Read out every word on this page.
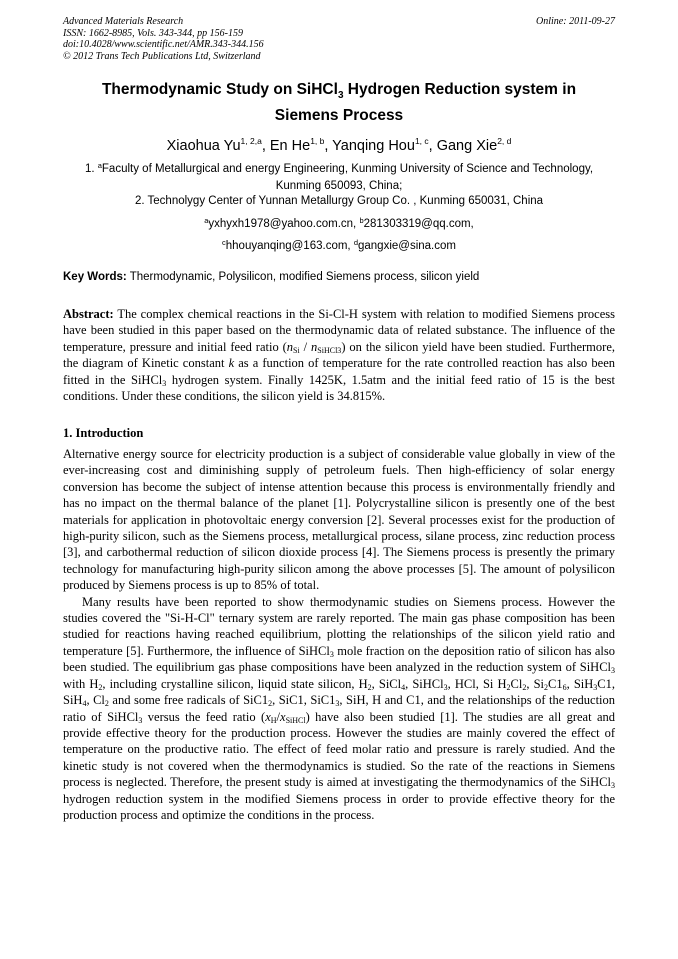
Advanced Materials Research
ISSN: 1662-8985, Vols. 343-344, pp 156-159
doi:10.4028/www.scientific.net/AMR.343-344.156
© 2012 Trans Tech Publications Ltd, Switzerland
Online: 2011-09-27
Thermodynamic Study on SiHCl$_3$ Hydrogen Reduction system in
Siemens Process
Xiaohua Yu$^{1, 2,a}$, En He$^{1, b}$, Yanqing Hou$^{1, c}$, Gang Xie$^{2, d}$
1. $^a$Faculty of Metallurgical and energy Engineering, Kunming University of Science and Technology,
Kunming 650093, China;
2. Technolygy Center of Yunnan Metallurgy Group Co. , Kunming 650031, China
$^a$yxhyxh1978@yahoo.com.cn, $^b$281303319@qq.com,
$^c$hhouyanqing@163.com, $^d$gangxie@sina.com
Key Words: Thermodynamic, Polysilicon, modified Siemens process, silicon yield

Abstract: The complex chemical reactions in the Si-Cl-H system with relation to modified Siemens process have been studied in this paper based on the thermodynamic data of related substance. The influence of the temperature, pressure and initial feed ratio $(n_{Si} / n_{SiHCl3})$ on the silicon yield have been studied. Furthermore, the diagram of Kinetic constant k as a function of temperature for the rate controlled reaction has also been fitted in the SiHCl$_3$ hydrogen system. Finally 1425K, 1.5atm and the initial feed ratio of 15 is the best conditions. Under these conditions, the silicon yield is 34.815%.

1. Introduction

Alternative energy source for electricity production is a subject of considerable value globally in view of the ever-increasing cost and diminishing supply of petroleum fuels. Then high-efficiency of solar energy conversion has become the subject of intense attention because this process is environmentally friendly and has no impact on the thermal balance of the planet [1]. Polycrystalline silicon is presently one of the best materials for application in photovoltaic energy conversion [2]. Several processes exist for the production of high-purity silicon, such as the Siemens process, metallurgical process, silane process, zinc reduction process [3], and carbothermal reduction of silicon dioxide process [4]. The Siemens process is presently the primary technology for manufacturing high-purity silicon among the above processes [5]. The amount of polysilicon produced by Siemens process is up to 85% of total.

Many results have been reported to show thermodynamic studies on Siemens process. However the studies covered the "Si-H-Cl" ternary system are rarely reported. The main gas phase composition has been studied for reactions having reached equilibrium, plotting the relationships of the silicon yield ratio and temperature [5]. Furthermore, the influence of SiHCl$_3$ mole fraction on the deposition ratio of silicon has also been studied. The equilibrium gas phase compositions have been analyzed in the reduction system of SiHCl$_3$ with $H_2$, including crystalline silicon, liquid state silicon, $H_2$, SiCl$_4$, SiHCl$_3$, HCl, Si $H_2Cl_2$, $Si_2C1_6$, SiH$_3$C1, SiH$_4$, $Cl_2$ and some free radicals of $SiC1_2$, SiC1, $SiC1_3$, SiH, H and C1, and the relationships of the reduction ratio of SiHCl$_3$ versus the feed ratio $(x_H/x_{SiHCl})$ have also been studied [1]. The studies are all great and provide effective theory for the production process. However the studies are mainly covered the effect of temperature on the productive ratio. The effect of feed molar ratio and pressure is rarely studied. And the kinetic study is not covered when the thermodynamics is studied. So the rate of the reactions in Siemens process is neglected. Therefore, the present study is aimed at investigating the thermodynamics of the SiHCl$_3$ hydrogen reduction system in the modified Siemens process in order to provide effective theory for the production process and optimize the conditions in the process.
